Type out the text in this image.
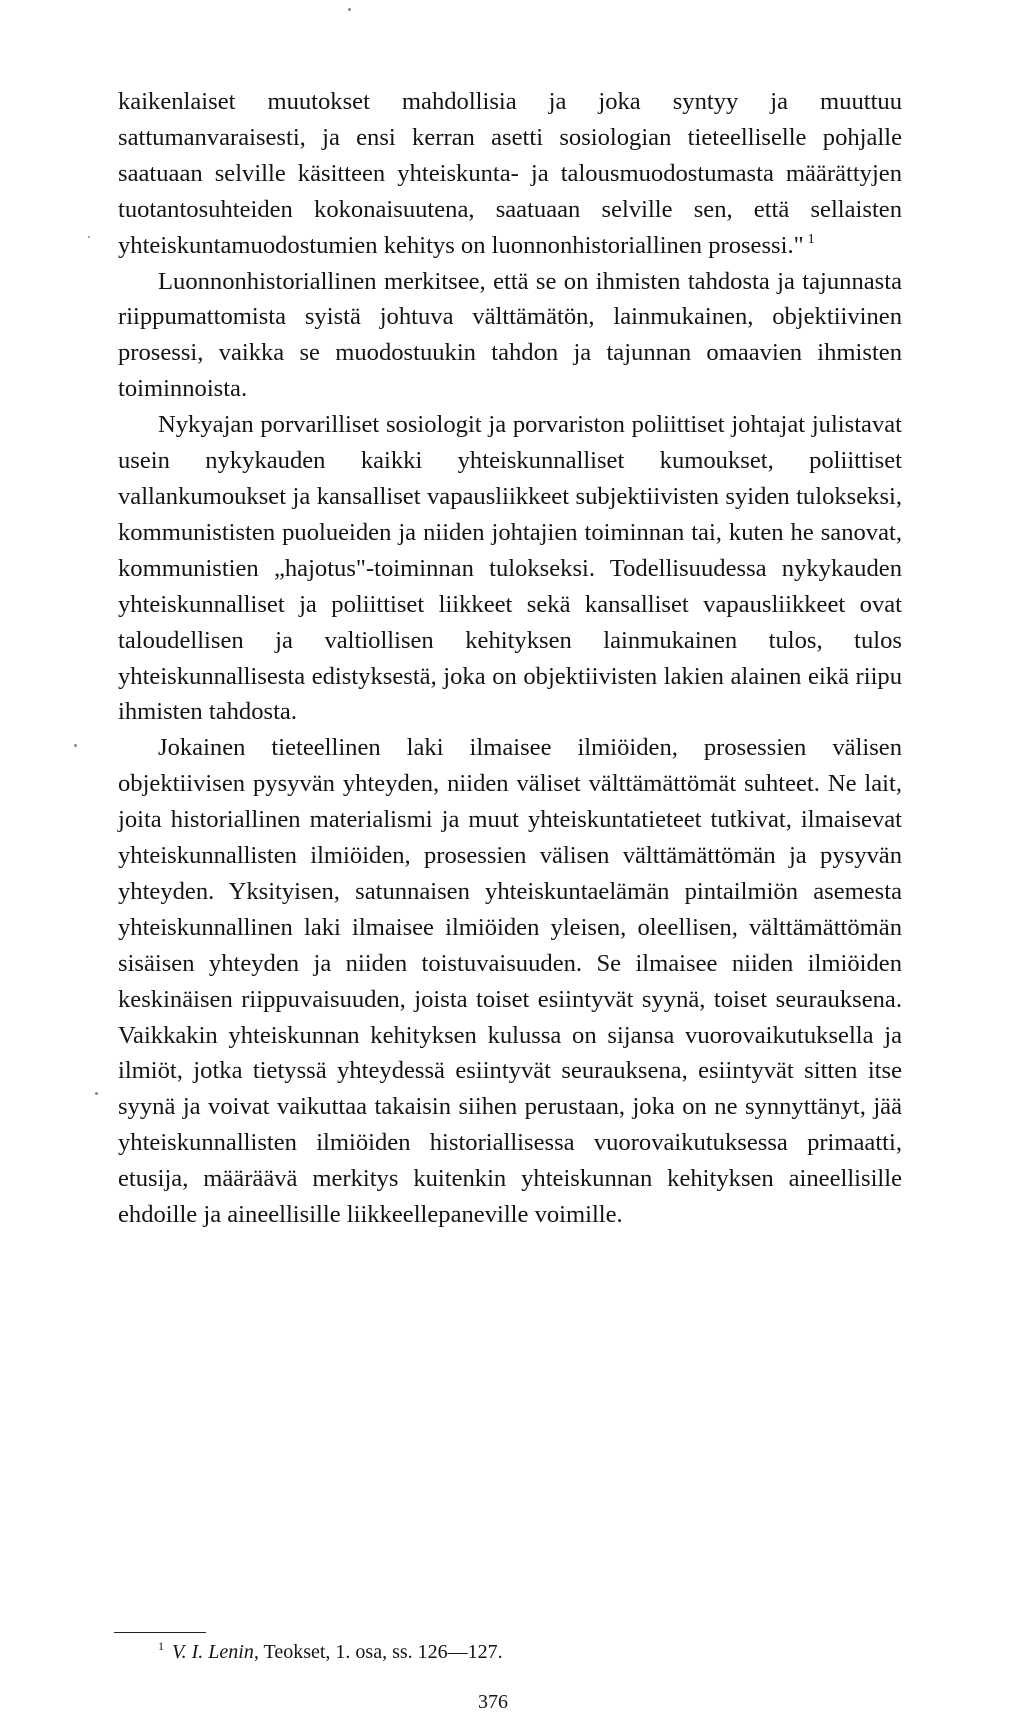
kaikenlaiset muutokset mahdollisia ja joka syntyy ja muuttuu sattumanvaraisesti, ja ensi kerran asetti sosiologian tieteelliselle pohjalle saatuaan selville käsitteen yhteiskunta- ja talousmuodostumasta määrättyjen tuotantosuhteiden kokonaisuutena, saatuaan selville sen, että sellaisten yhteiskuntamuodostumien kehitys on luonnonhistoriallinen prosessi." $^1$

Luonnonhistoriallinen merkitsee, että se on ihmisten tahdosta ja tajunnasta riippumattomista syistä johtuva välttämätön, lainmukainen, objektiivinen prosessi, vaikka se muodostuukin tahdon ja tajunnan omaavien ihmisten toiminnoista.

Nykyajan porvarilliset sosiologit ja porvariston poliittiset johtajat julistavat usein nykykauden kaikki yhteiskunnalliset kumoukset, poliittiset vallankumoukset ja kansalliset vapausliikkeet subjektiivisten syiden tulokseksi, kommunististen puolueiden ja niiden johtajien toiminnan tai, kuten he sanovat, kommunistien „hajotus"-toiminnan tulokseksi. Todellisuudessa nykykauden yhteiskunnalliset ja poliittiset liikkeet sekä kansalliset vapausliikkeet ovat taloudellisen ja valtiollisen kehityksen lainmukainen tulos, tulos yhteiskunnallisesta edistyksestä, joka on objektiivisten lakien alainen eikä riipu ihmisten tahdosta.

Jokainen tieteellinen laki ilmaisee ilmiöiden, prosessien välisen objektiivisen pysyvän yhteyden, niiden väliset välttämättömät suhteet. Ne lait, joita historiallinen materialismi ja muut yhteiskuntatieteet tutkivat, ilmaisevat yhteiskunnallisten ilmiöiden, prosessien välisen välttämättömän ja pysyvän yhteyden. Yksityisen, satunnaisen yhteiskuntaelämän pintailmiön asemesta yhteiskunnallinen laki ilmaisee ilmiöiden yleisen, oleellisen, välttämättömän sisäisen yhteyden ja niiden toistuvaisuuden. Se ilmaisee niiden ilmiöiden keskinäisen riippuvaisuuden, joista toiset esiintyvät syynä, toiset seurauksena. Vaikkakin yhteiskunnan kehityksen kulussa on sijansa vuorovaikutuksella ja ilmiöt, jotka tietyssä yhteydessä esiintyvät seurauksena, esiintyvät sitten itse syynä ja voivat vaikuttaa takaisin siihen perustaan, joka on ne synnyttänyt, jää yhteiskunnallisten ilmiöiden historiallisessa vuorovaikutuksessa primaatti, etusija, määräävä merkitys kuitenkin yhteiskunnan kehityksen aineellisille ehdoille ja aineellisille liikkeellepaneville voimille.

$^1$ V. I. Lenin, Teokset, 1. osa, ss. 126—127.
376
